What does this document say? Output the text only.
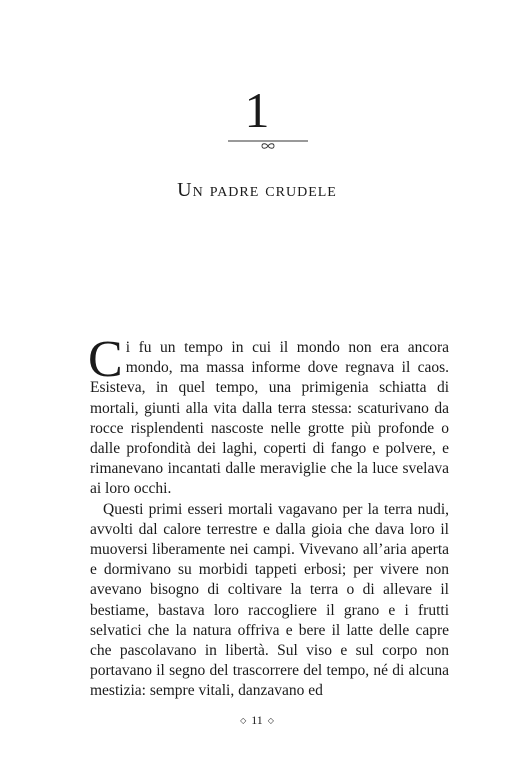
1
Un padre crudele

Ci fu un tempo in cui il mondo non era ancora mondo, ma massa informe dove regnava il caos. Esisteva, in quel tempo, una primigenia schiatta di mortali, giunti alla vita dalla terra stessa: scaturivano da rocce risplendenti nascoste nelle grotte più profonde o dalle profondità dei laghi, coperti di fango e polvere, e rimanevano incantati dalle meraviglie che la luce svelava ai loro occhi.

Questi primi esseri mortali vagavano per la terra nudi, avvolti dal calore terrestre e dalla gioia che dava loro il muoversi liberamente nei campi. Vivevano all’aria aperta e dormivano su morbidi tappeti erbosi; per vivere non avevano bisogno di coltivare la terra o di allevare il bestiame, bastava loro raccogliere il grano e i frutti selvatici che la natura offriva e bere il latte delle capre che pascolavano in libertà. Sul viso e sul corpo non portavano il segno del trascorrere del tempo, né di alcuna mestizia: sempre vitali, danzavano ed

◇ 11 ◇
